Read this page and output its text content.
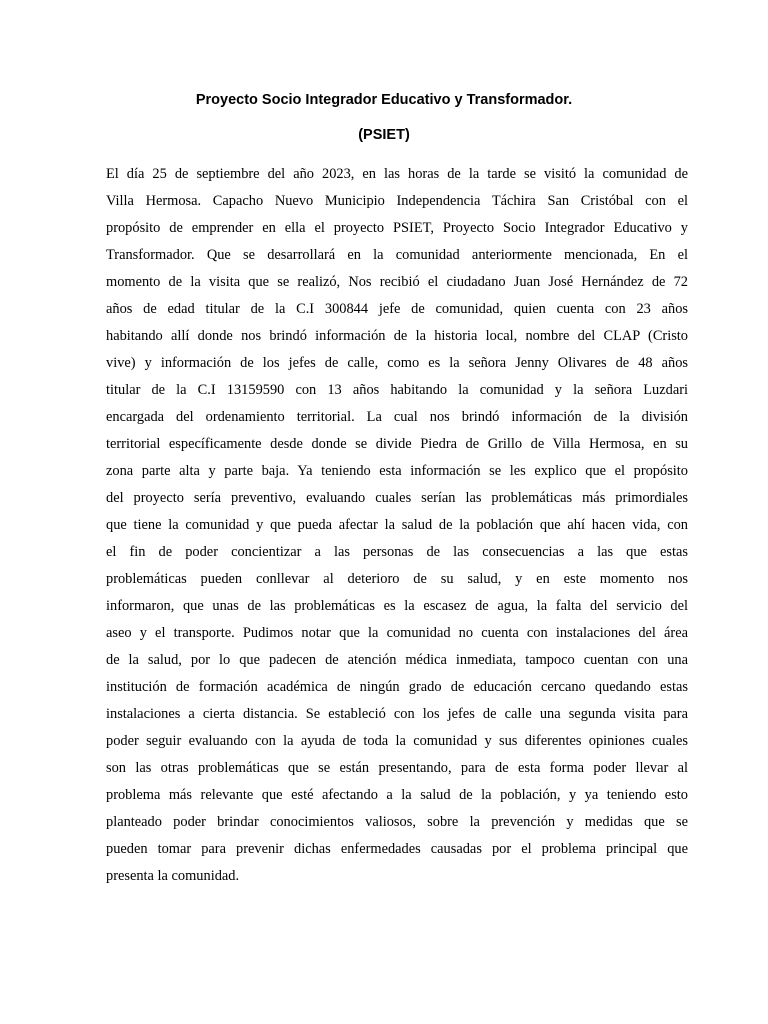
Proyecto Socio Integrador Educativo y Transformador.
(PSIET)

El día 25 de septiembre del año 2023, en las horas de la tarde se visitó la comunidad de
Villa Hermosa. Capacho Nuevo Municipio Independencia Táchira San Cristóbal con el
propósito de emprender en ella el proyecto PSIET, Proyecto Socio Integrador Educativo y
Transformador. Que se desarrollará en la comunidad anteriormente mencionada, En el
momento de la visita que se realizó, Nos recibió el ciudadano Juan José Hernández de 72
años de edad titular de la C.I 300844 jefe de comunidad, quien cuenta con 23 años
habitando allí donde nos brindó información de la historia local, nombre del CLAP (Cristo
vive) y información de los jefes de calle, como es la señora Jenny Olivares de 48 años
titular de la C.I 13159590 con 13 años habitando la comunidad y la señora Luzdari
encargada del ordenamiento territorial. La cual nos brindó información de la división
territorial específicamente desde donde se divide Piedra de Grillo de Villa Hermosa, en su
zona parte alta y parte baja. Ya teniendo esta información se les explico que el propósito
del proyecto sería preventivo, evaluando cuales serían las problemáticas más primordiales
que tiene la comunidad y que pueda afectar la salud de la población que ahí hacen vida, con
el fin de poder concientizar a las personas de las consecuencias a las que estas
problemáticas pueden conllevar al deterioro de su salud, y en este momento nos
informaron, que unas de las problemáticas es la escasez de agua, la falta del servicio del
aseo y el transporte. Pudimos notar que la comunidad no cuenta con instalaciones del área
de la salud, por lo que padecen de atención médica inmediata, tampoco cuentan con una
institución de formación académica de ningún grado de educación cercano quedando estas
instalaciones a cierta distancia. Se estableció con los jefes de calle una segunda visita para
poder seguir evaluando con la ayuda de toda la comunidad y sus diferentes opiniones cuales
son las otras problemáticas que se están presentando, para de esta forma poder llevar al
problema más relevante que esté afectando a la salud de la población, y ya teniendo esto
planteado poder brindar conocimientos valiosos, sobre la prevención y medidas que se
pueden tomar para prevenir dichas enfermedades causadas por el problema principal que
presenta la comunidad.
